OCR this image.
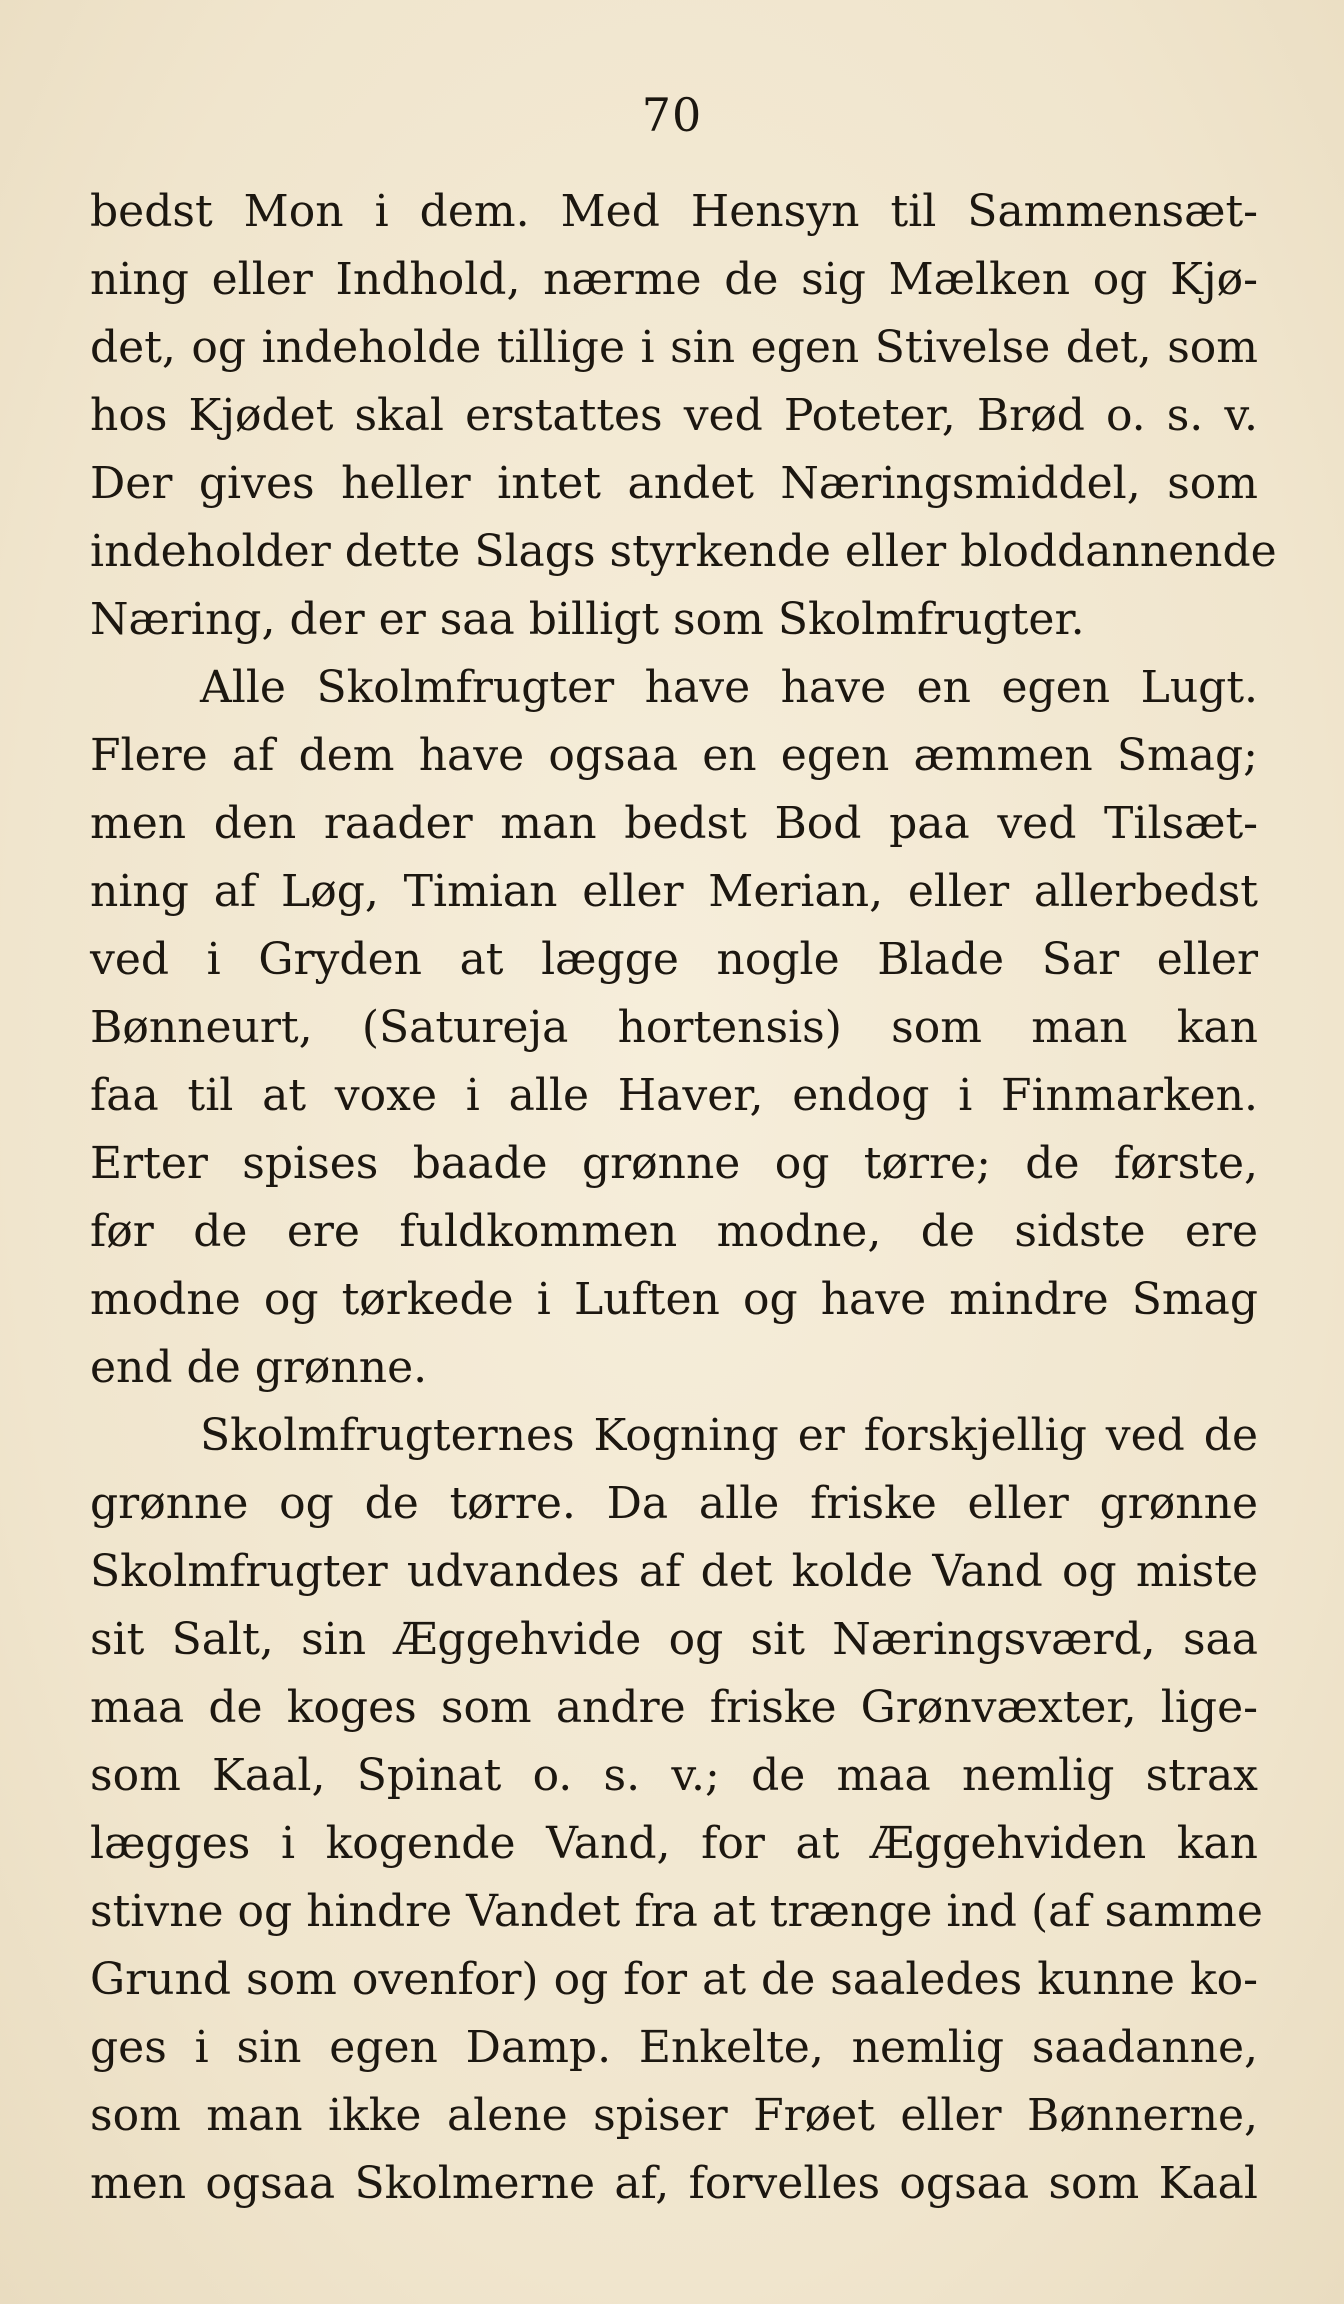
70
bedst Mon i dem. Med Hensyn til Sammensæt-
ning eller Indhold, nærme de sig Mælken og Kjø-
det, og indeholde tillige i sin egen Stivelse det, som
hos Kjødet skal erstattes ved Poteter, Brød o. s. v.
Der gives heller intet andet Næringsmiddel, som
indeholder dette Slags styrkende eller bloddannende
Næring, der er saa billigt som Skolmfrugter.
Alle Skolmfrugter have have en egen Lugt.
Flere af dem have ogsaa en egen æmmen Smag;
men den raader man bedst Bod paa ved Tilsæt-
ning af Løg, Timian eller Merian, eller allerbedst
ved i Gryden at lægge nogle Blade Sar eller
Bønneurt, (Satureja hortensis) som man kan
faa til at voxe i alle Haver, endog i Finmarken.
Erter spises baade grønne og tørre; de første,
før de ere fuldkommen modne, de sidste ere
modne og tørkede i Luften og have mindre Smag
end de grønne.
Skolmfrugternes Kogning er forskjellig ved de
grønne og de tørre. Da alle friske eller grønne
Skolmfrugter udvandes af det kolde Vand og miste
sit Salt, sin Æggehvide og sit Næringsværd, saa
maa de koges som andre friske Grønvæxter, lige-
som Kaal, Spinat o. s. v.; de maa nemlig strax
lægges i kogende Vand, for at Æggehviden kan
stivne og hindre Vandet fra at trænge ind (af samme
Grund som ovenfor) og for at de saaledes kunne ko-
ges i sin egen Damp. Enkelte, nemlig saadanne,
som man ikke alene spiser Frøet eller Bønnerne,
men ogsaa Skolmerne af, forvelles ogsaa som Kaal
